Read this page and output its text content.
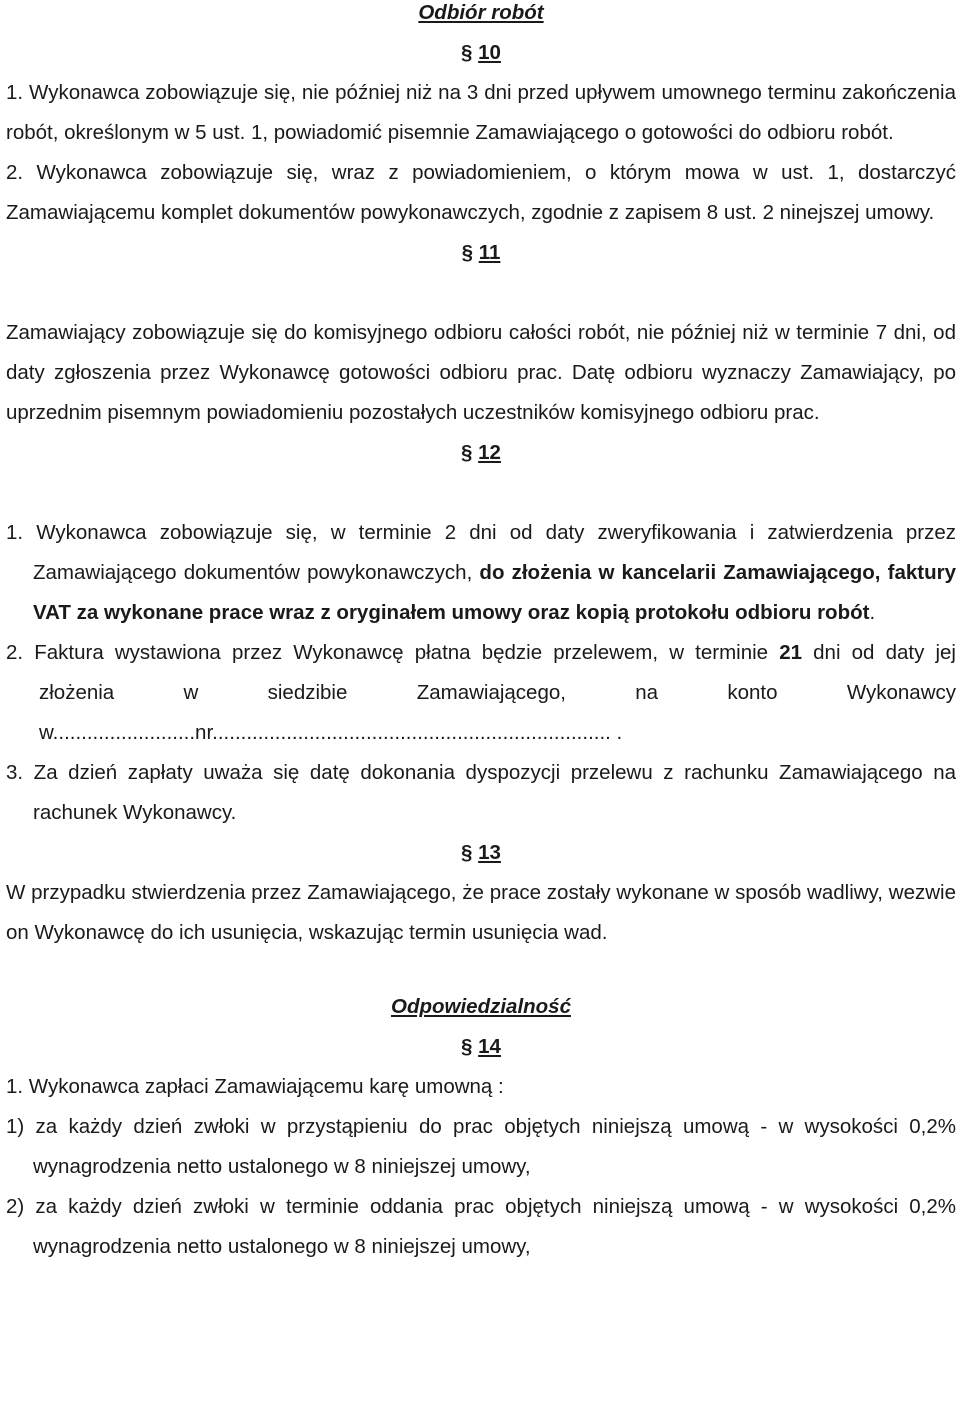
Odbiór robót

§ 10

1. Wykonawca zobowiązuje się, nie później niż na 3 dni przed upływem umownego terminu zakończenia robót, określonym w 5 ust. 1, powiadomić pisemnie Zamawiającego o gotowości do odbioru robót.

2. Wykonawca zobowiązuje się, wraz z powiadomieniem, o którym mowa w ust. 1, dostarczyć Zamawiającemu komplet dokumentów powykonawczych, zgodnie z zapisem 8 ust. 2 ninejszej umowy.

§ 11

Zamawiający zobowiązuje się do komisyjnego odbioru całości robót, nie później niż w terminie 7 dni, od daty zgłoszenia przez Wykonawcę gotowości odbioru prac. Datę odbioru wyznaczy Zamawiający, po uprzednim pisemnym powiadomieniu pozostałych uczestników komisyjnego odbioru prac.

§ 12

1. Wykonawca zobowiązuje się, w terminie 2 dni od daty zweryfikowania i zatwierdzenia przez Zamawiającego dokumentów powykonawczych, do złożenia w kancelarii Zamawiającego, faktury VAT za wykonane prace wraz z oryginałem umowy oraz kopią protokołu odbioru robót.

2. Faktura wystawiona przez Wykonawcę płatna będzie przelewem, w terminie 21 dni od daty jej złożenia w siedzibie Zamawiającego, na konto Wykonawcy w.........................nr...................................................................... .

3. Za dzień zapłaty uważa się datę dokonania dyspozycji przelewu z rachunku Zamawiającego na rachunek Wykonawcy.

§ 13

W przypadku stwierdzenia przez Zamawiającego, że prace zostały wykonane w sposób wadliwy, wezwie on Wykonawcę do ich usunięcia, wskazując termin usunięcia wad.

Odpowiedzialność

§ 14

1. Wykonawca zapłaci Zamawiającemu karę umowną :

1) za każdy dzień zwłoki w przystąpieniu do prac objętych niniejszą umową - w wysokości 0,2% wynagrodzenia netto ustalonego w 8 niniejszej umowy,

2) za każdy dzień zwłoki w terminie oddania prac objętych niniejszą umową - w wysokości 0,2% wynagrodzenia netto ustalonego w 8 niniejszej umowy,
